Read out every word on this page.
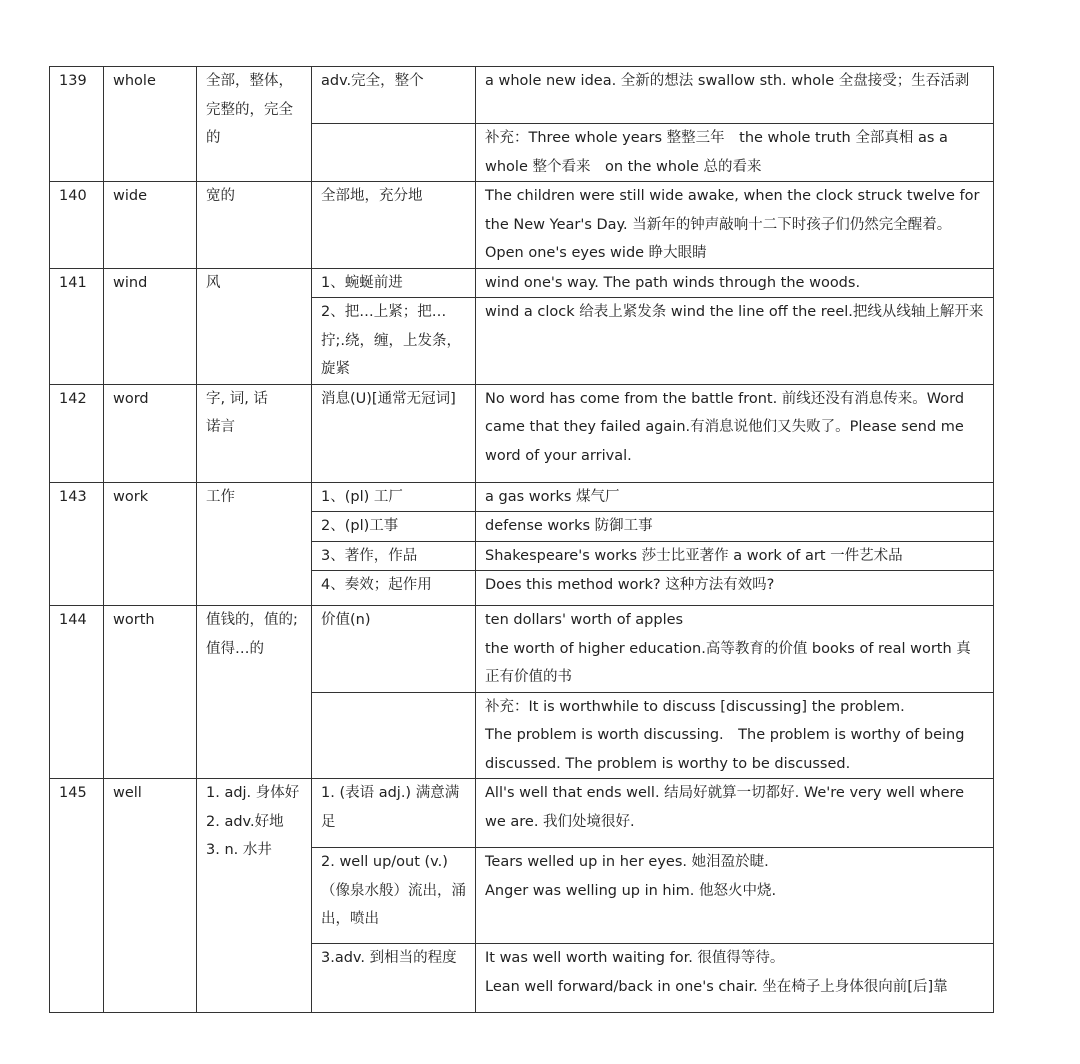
139	whole	全部，整体，完整的，完全的	adv.完全，整个	a whole new idea. 全新的想法 swallow sth. whole 全盘接受；生吞活剥

				补充：Three whole years 整整三年　the whole truth 全部真相 as a whole 整个看来　on the whole 总的看来

140	wide	宽的	全部地，充分地	The children were still wide awake, when the clock struck twelve for the New Year's Day. 当新年的钟声敲响十二下时孩子们仍然完全醒着。Open one's eyes wide 睁大眼睛

141	wind	风	1、蜿蜒前进	wind one's way. The path winds through the woods.

			2、把…上紧；把…拧;.绕，缠，上发条，旋紧	wind a clock 给表上紧发条 wind the line off the reel.把线从线轴上解开来

142	word	字, 词, 话
诺言	消息(U)[通常无冠词]	No word has come from the battle front. 前线还没有消息传来。Word came that they failed again.有消息说他们又失败了。Please send me word of your arrival.

143	work	工作	1、(pl) 工厂	a gas works 煤气厂

			2、(pl)工事	defense works 防御工事

			3、著作，作品	Shakespeare's works 莎士比亚著作 a work of art 一件艺术品

			4、奏效；起作用	Does this method work? 这种方法有效吗?

144	worth	值钱的，值的; 值得…的	价值(n)	ten dollars' worth of apples
the worth of higher education.高等教育的价值 books of real worth 真正有价值的书

				补充：It is worthwhile to discuss [discussing] the problem.
The problem is worth discussing.　The problem is worthy of being discussed. The problem is worthy to be discussed.

145	well	1. adj. 身体好
2. adv.好地
3. n. 水井	1. (表语 adj.) 满意满足	All's well that ends well. 结局好就算一切都好. We're very well where we are. 我们处境很好.

			2. well up/out (v.)（像泉水般）流出，涌出，喷出	Tears welled up in her eyes. 她泪盈於睫.
Anger was welling up in him. 他怒火中烧.

			3.adv. 到相当的程度	It was well worth waiting for. 很值得等待。
Lean well forward/back in one's chair. 坐在椅子上身体很向前[后]靠
